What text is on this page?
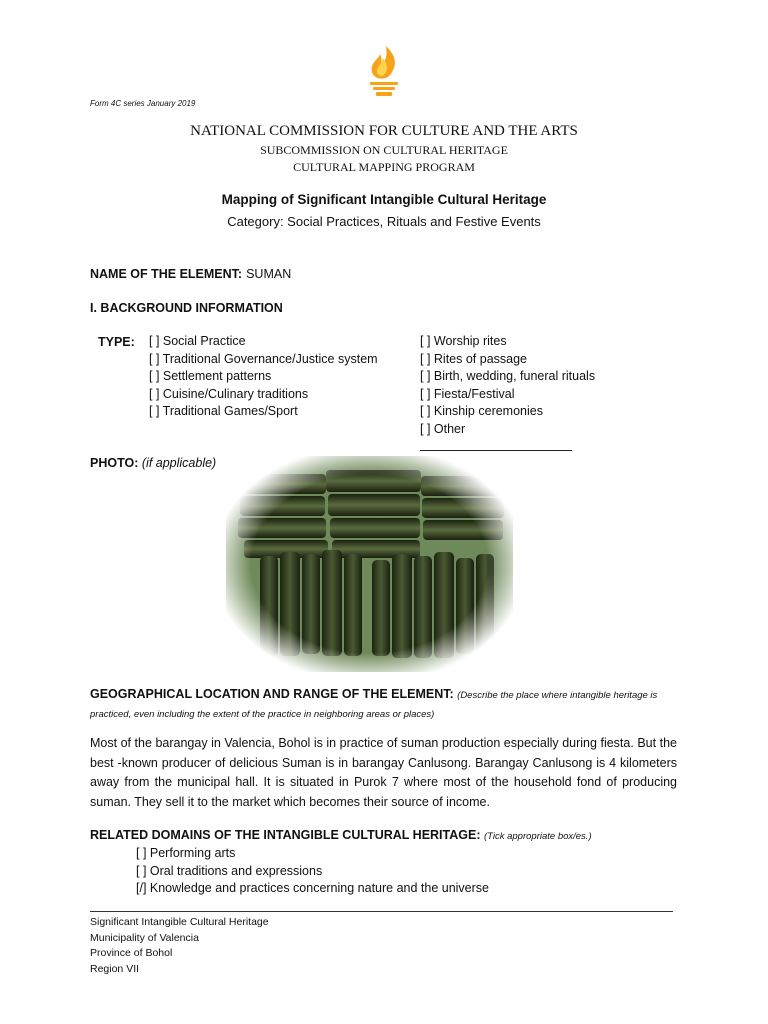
Form 4C series January 2019
NATIONAL COMMISSION FOR CULTURE AND THE ARTS
SUBCOMMISSION ON CULTURAL HERITAGE
CULTURAL MAPPING PROGRAM
Mapping of Significant Intangible Cultural Heritage
Category: Social Practices, Rituals and Festive Events
NAME OF THE ELEMENT: SUMAN
I. BACKGROUND INFORMATION
TYPE: [ ] Social Practice
[ ] Traditional Governance/Justice system
[ ] Settlement patterns
[ ] Cuisine/Culinary traditions
[ ] Traditional Games/Sport
[ ] Worship rites
[ ] Rites of passage
[ ] Birth, wedding, funeral rituals
[ ] Fiesta/Festival
[ ] Kinship ceremonies
[ ] Other
PHOTO: (if applicable)
GEOGRAPHICAL LOCATION AND RANGE OF THE ELEMENT: (Describe the place where intangible heritage is practiced, even including the extent of the practice in neighboring areas or places)
Most of the barangay in Valencia, Bohol is in practice of suman production especially during fiesta. But the best -known producer of delicious Suman is in barangay Canlusong. Barangay Canlusong is 4 kilometers away from the municipal hall. It is situated in Purok 7 where most of the household fond of producing suman. They sell it to the market which becomes their source of income.
RELATED DOMAINS OF THE INTANGIBLE CULTURAL HERITAGE: (Tick appropriate box/es.)
[ ] Performing arts
[ ] Oral traditions and expressions
[/] Knowledge and practices concerning nature and the universe
Significant Intangible Cultural Heritage
Municipality of Valencia
Province of Bohol
Region VII
